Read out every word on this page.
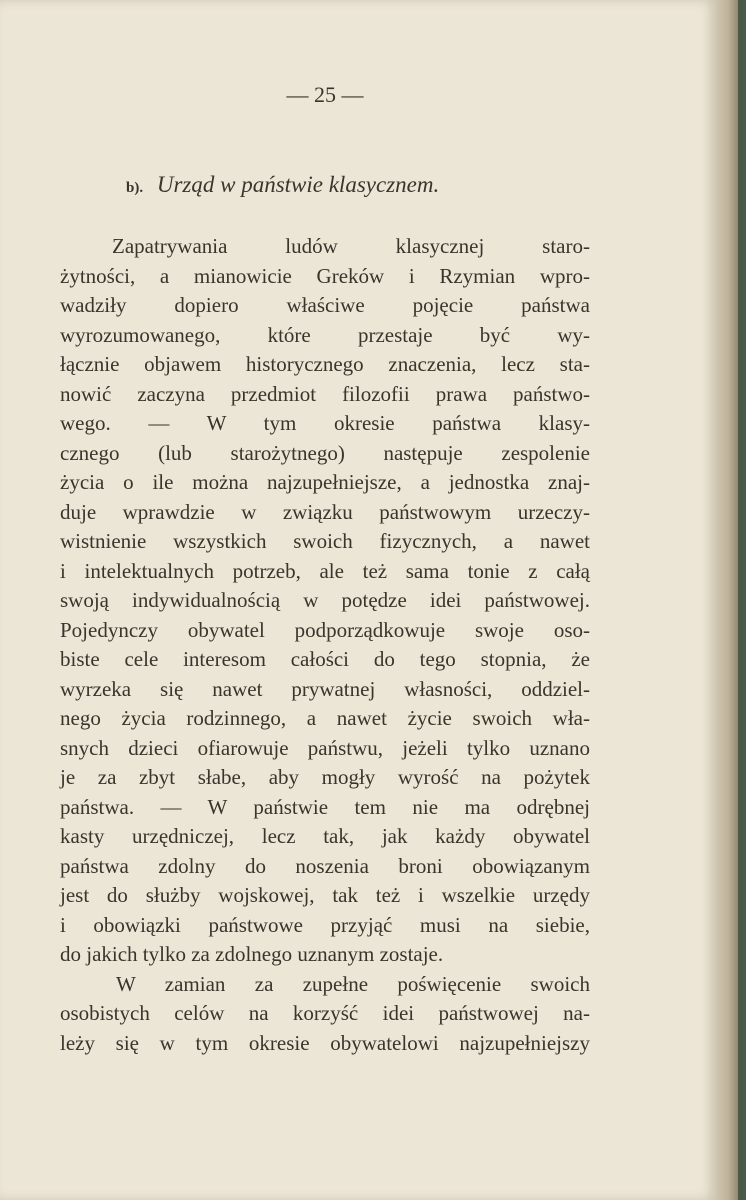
— 25 —
b). Urząd w państwie klasycznem.
Zapatrywania ludów klasycznej staro-
żytności, a mianowicie Greków i Rzymian wpro-
wadziły dopiero właściwe pojęcie państwa
wyrozumowanego, które przestaje być wy-
łącznie objawem historycznego znaczenia, lecz sta-
nowić zaczyna przedmiot filozofii prawa państwo-
wego. — W tym okresie państwa klasy-
cznego (lub starożytnego) następuje zespolenie
życia o ile można najzupełniejsze, a jednostka znaj-
duje wprawdzie w związku państwowym urzeczy-
wistnienie wszystkich swoich fizycznych, a nawet
i intelektualnych potrzeb, ale też sama tonie z całą
swoją indywidualnością w potędze idei państwowej.
Pojedynczy obywatel podporządkowuje swoje oso-
biste cele interesom całości do tego stopnia, że
wyrzeka się nawet prywatnej własności, oddziel-
nego życia rodzinnego, a nawet życie swoich wła-
snych dzieci ofiarowuje państwu, jeżeli tylko uznano
je za zbyt słabe, aby mogły wyrość na pożytek
państwa. — W państwie tem nie ma odrębnej
kasty urzędniczej, lecz tak, jak każdy obywatel
państwa zdolny do noszenia broni obowiązanym
jest do służby wojskowej, tak też i wszelkie urzędy
i obowiązki państwowe przyjąć musi na siebie,
do jakich tylko za zdolnego uznanym zostaje.
W zamian za zupełne poświęcenie swoich
osobistych celów na korzyść idei państwowej na-
leży się w tym okresie obywatelowi najzupełniejszy
